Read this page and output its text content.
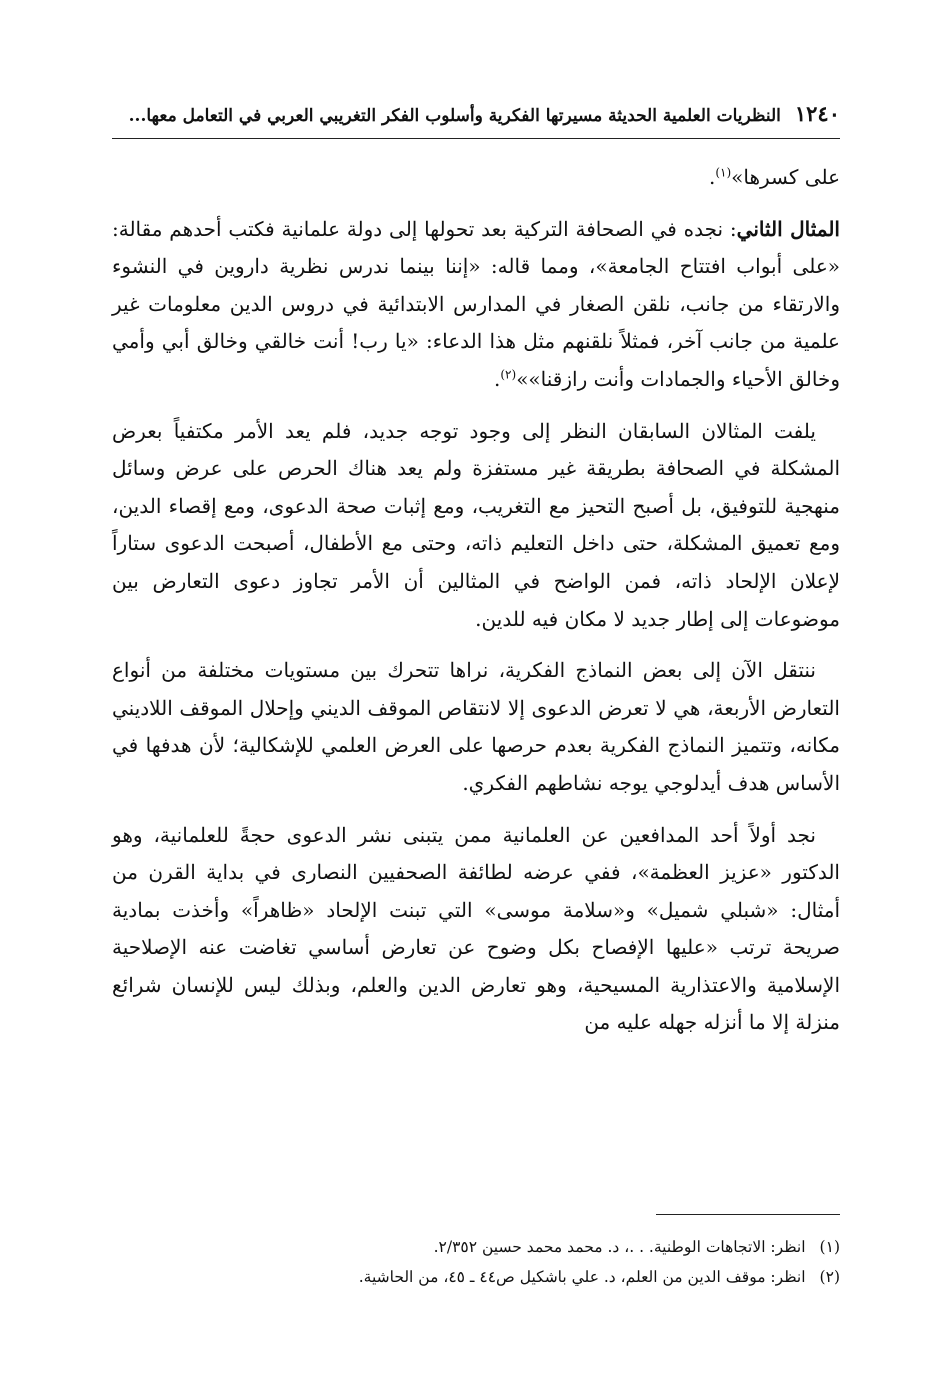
١٢٤٠
النظريات العلمية الحديثة مسيرتها الفكرية وأسلوب الفكر التغريبي العربي في التعامل معها...

على كسرها»$^{(١)}$.

المثال الثاني: نجده في الصحافة التركية بعد تحولها إلى دولة علمانية فكتب أحدهم مقالة: «على أبواب افتتاح الجامعة»، ومما قاله: «إننا بينما ندرس نظرية داروين في النشوء والارتقاء من جانب، نلقن الصغار في المدارس الابتدائية في دروس الدين معلومات غير علمية من جانب آخر، فمثلاً نلقنهم مثل هذا الدعاء: «يا رب! أنت خالقي وخالق أبي وأمي وخالق الأحياء والجمادات وأنت رازقنا»»$^{(٢)}$.

يلفت المثالان السابقان النظر إلى وجود توجه جديد، فلم يعد الأمر مكتفياً بعرض المشكلة في الصحافة بطريقة غير مستفزة ولم يعد هناك الحرص على عرض وسائل منهجية للتوفيق، بل أصبح التحيز مع التغريب، ومع إثبات صحة الدعوى، ومع إقصاء الدين، ومع تعميق المشكلة، حتى داخل التعليم ذاته، وحتى مع الأطفال، أصبحت الدعوى ستاراً لإعلان الإلحاد ذاته، فمن الواضح في المثالين أن الأمر تجاوز دعوى التعارض بين موضوعات إلى إطار جديد لا مكان فيه للدين.

ننتقل الآن إلى بعض النماذج الفكرية، نراها تتحرك بين مستويات مختلفة من أنواع التعارض الأربعة، هي لا تعرض الدعوى إلا لانتقاص الموقف الديني وإحلال الموقف اللاديني مكانه، وتتميز النماذج الفكرية بعدم حرصها على العرض العلمي للإشكالية؛ لأن هدفها في الأساس هدف أيدلوجي يوجه نشاطهم الفكري.

نجد أولاً أحد المدافعين عن العلمانية ممن يتبنى نشر الدعوى حجةً للعلمانية، وهو الدكتور «عزيز العظمة»، ففي عرضه لطائفة الصحفيين النصارى في بداية القرن من أمثال: «شبلي شميل» و«سلامة موسى» التي تبنت الإلحاد «ظاهراً» وأخذت بمادية صريحة ترتب «عليها الإفصاح بكل وضوح عن تعارض أساسي تغاضت عنه الإصلاحية الإسلامية والاعتذارية المسيحية، وهو تعارض الدين والعلم، وبذلك ليس للإنسان شرائع منزلة إلا ما أنزله جهله عليه من

(١)
انظر: الاتجاهات الوطنية. . .، د. محمد محمد حسين ٢/٣٥٢.
(٢)
انظر: موقف الدين من العلم، د. علي باشكيل ص٤٤ ـ ٤٥، من الحاشية.
